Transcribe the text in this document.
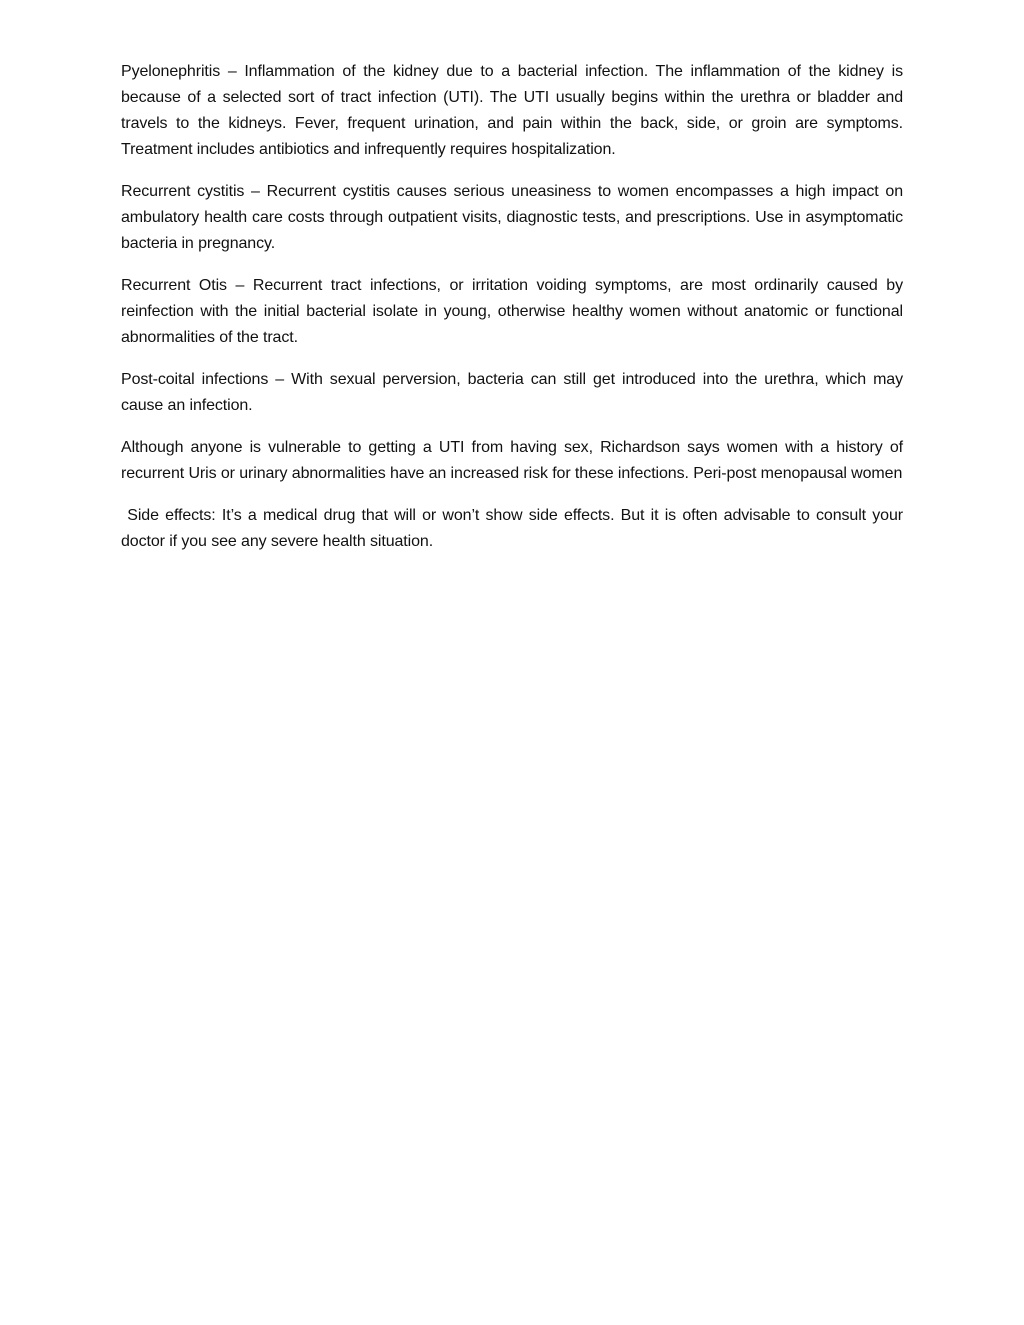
Pyelonephritis – Inflammation of the kidney due to a bacterial infection. The inflammation of the kidney is because of a selected sort of tract infection (UTI). The UTI usually begins within the urethra or bladder and travels to the kidneys. Fever, frequent urination, and pain within the back, side, or groin are symptoms. Treatment includes antibiotics and infrequently requires hospitalization.

Recurrent cystitis – Recurrent cystitis causes serious uneasiness to women encompasses a high impact on ambulatory health care costs through outpatient visits, diagnostic tests, and prescriptions. Use in asymptomatic bacteria in pregnancy.

Recurrent Otis – Recurrent tract infections, or irritation voiding symptoms, are most ordinarily caused by reinfection with the initial bacterial isolate in young, otherwise healthy women without anatomic or functional abnormalities of the tract.

Post-coital infections – With sexual perversion, bacteria can still get introduced into the urethra, which may cause an infection.

Although anyone is vulnerable to getting a UTI from having sex, Richardson says women with a history of recurrent Uris or urinary abnormalities have an increased risk for these infections. Peri-post menopausal women

Side effects: It’s a medical drug that will or won’t show side effects. But it is often advisable to consult your doctor if you see any severe health situation.
